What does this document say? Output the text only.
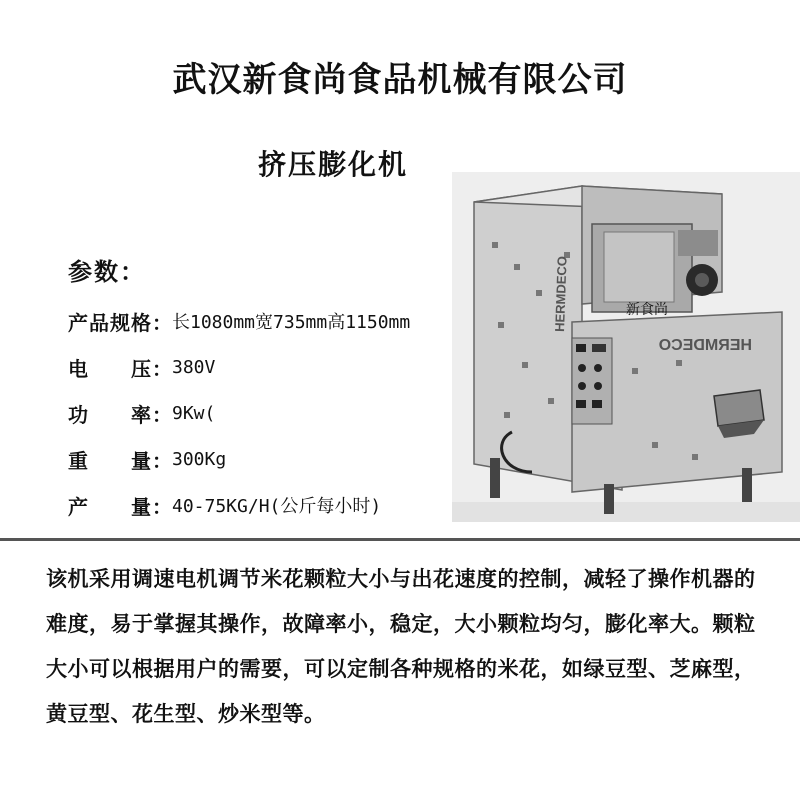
武汉新食尚食品机械有限公司
挤压膨化机
新食尚
HERMDECO
HERMDECO
参数：
产品规格 ： 长1080mm宽735mm高1150mm
电　　压 ： 380V
功　　率 ： 9Kw(
重　　量 ： 300Kg
产　　量 ： 40-75KG/H(公斤每小时)

该机采用调速电机调节米花颗粒大小与出花速度的控制，减轻了操作机器的难度，易于掌握其操作，故障率小，稳定，大小颗粒均匀，膨化率大。颗粒大小可以根据用户的需要，可以定制各种规格的米花，如绿豆型、芝麻型，黄豆型、花生型、炒米型等。
